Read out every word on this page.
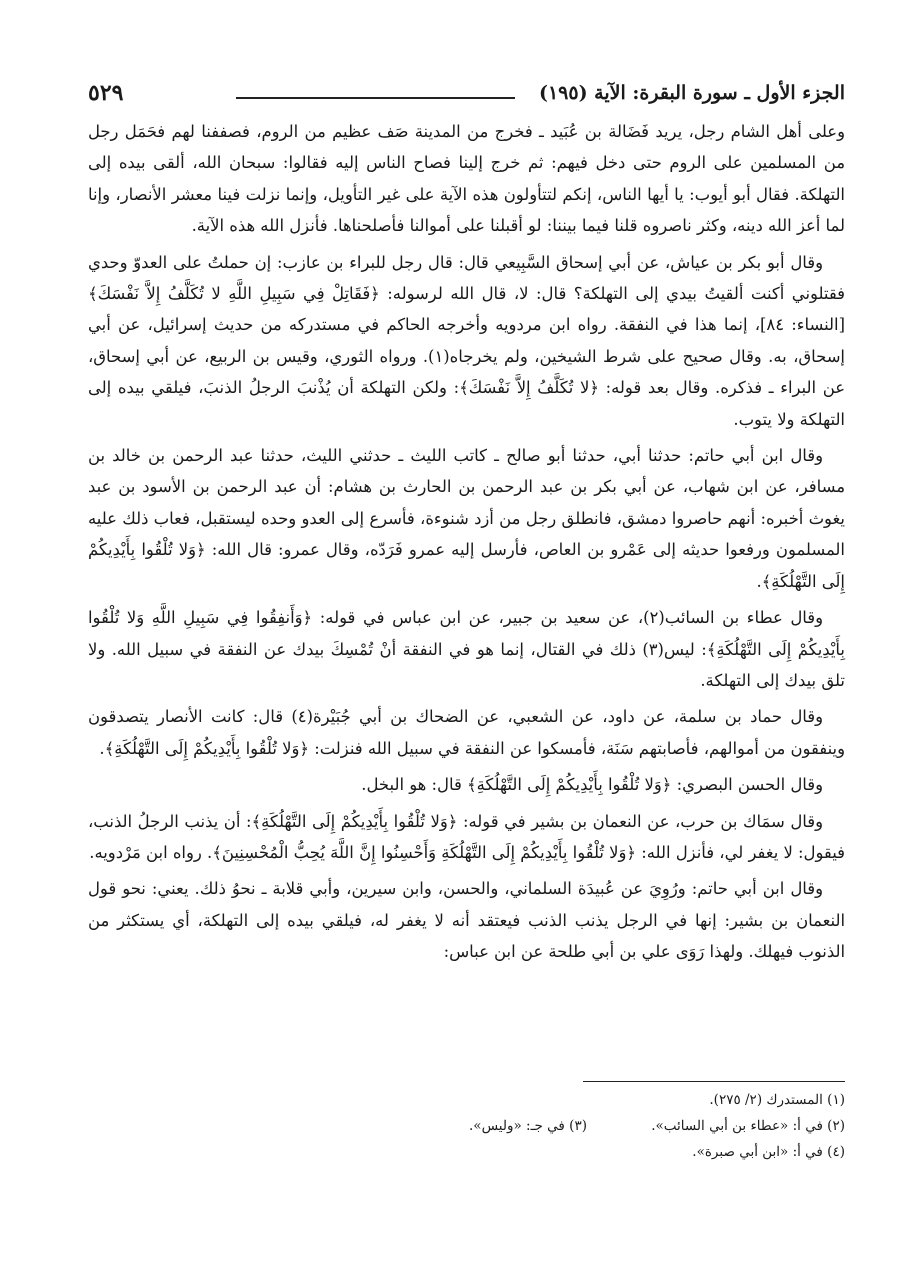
الجزء الأول ـ سورة البقرة: الآية (١٩٥)
٥٢٩

وعلى أهل الشام رجل، يريد فَضَالة بن عُبَيد ـ فخرج من المدينة صَف عظيم من الروم، فصففنا لهم فحَمَل رجل من المسلمين على الروم حتى دخل فيهم: ثم خرج إلينا فصاح الناس إليه فقالوا: سبحان الله، ألقى بيده إلى التهلكة. فقال أبو أيوب: يا أيها الناس، إنكم لتتأولون هذه الآية على غير التأويل، وإنما نزلت فينا معشر الأنصار، وإنا لما أعز الله دينه، وكثر ناصروه قلنا فيما بيننا: لو أقبلنا على أموالنا فأصلحناها. فأنزل الله هذه الآية.

وقال أبو بكر بن عياش، عن أبي إسحاق السَّبِيعي قال: قال رجل للبراء بن عازب: إن حملتُ على العدوّ وحدي فقتلوني أكنت ألقيتُ بيدي إلى التهلكة؟ قال: لا، قال الله لرسوله: ﴿فَقَاتِلْ فِي سَبِيلِ اللَّهِ لا تُكَلَّفُ إِلاَّ نَفْسَكَ﴾ [النساء: ٨٤]، إنما هذا في النفقة. رواه ابن مردويه وأخرجه الحاكم في مستدركه من حديث إسرائيل، عن أبي إسحاق، به. وقال صحيح على شرط الشيخين، ولم يخرجاه(١). ورواه الثوري، وقيس بن الربيع، عن أبي إسحاق، عن البراء ـ فذكره. وقال بعد قوله: ﴿لا تُكَلَّفُ إِلاَّ نَفْسَكَ﴾: ولكن التهلكة أن يُذْنبَ الرجلُ الذنبَ، فيلقي بيده إلى التهلكة ولا يتوب.

وقال ابن أبي حاتم: حدثنا أبي، حدثنا أبو صالح ـ كاتب الليث ـ حدثني الليث، حدثنا عبد الرحمن بن خالد بن مسافر، عن ابن شهاب، عن أبي بكر بن عبد الرحمن بن الحارث بن هشام: أن عبد الرحمن بن الأسود بن عبد يغوث أخبره: أنهم حاصروا دمشق، فانطلق رجل من أزد شنوءة، فأسرع إلى العدو وحده ليستقبل، فعاب ذلك عليه المسلمون ورفعوا حديثه إلى عَمْرو بن العاص، فأرسل إليه عمرو فَرَدّه، وقال عمرو: قال الله: ﴿وَلا تُلْقُوا بِأَيْدِيكُمْ إِلَى التَّهْلُكَةِ﴾.

وقال عطاء بن السائب(٢)، عن سعيد بن جبير، عن ابن عباس في قوله: ﴿وَأَنفِقُوا فِي سَبِيلِ اللَّهِ وَلا تُلْقُوا بِأَيْدِيكُمْ إِلَى التَّهْلُكَةِ﴾: ليس(٣) ذلك في القتال، إنما هو في النفقة أنْ تُمْسِكَ بيدك عن النفقة في سبيل الله. ولا تلق بيدك إلى التهلكة.

وقال حماد بن سلمة، عن داود، عن الشعبي، عن الضحاك بن أبي جُبَيْرة(٤) قال: كانت الأنصار يتصدقون وينفقون من أموالهم، فأصابتهم سَنَة، فأمسكوا عن النفقة في سبيل الله فنزلت: ﴿وَلا تُلْقُوا بِأَيْدِيكُمْ إِلَى التَّهْلُكَةِ﴾.

وقال الحسن البصري: ﴿وَلا تُلْقُوا بِأَيْدِيكُمْ إِلَى التَّهْلُكَةِ﴾ قال: هو البخل.

وقال سمَاك بن حرب، عن النعمان بن بشير في قوله: ﴿وَلا تُلْقُوا بِأَيْدِيكُمْ إِلَى التَّهْلُكَةِ﴾: أن يذنب الرجلُ الذنب، فيقول: لا يغفر لي، فأنزل الله: ﴿وَلا تُلْقُوا بِأَيْدِيكُمْ إِلَى التَّهْلُكَةِ وَأَحْسِنُوا إِنَّ اللَّهَ يُحِبُّ الْمُحْسِنِينَ﴾. رواه ابن مَرْدويه.

وقال ابن أبي حاتم: ورُوِيَ عن عُبيدَة السلماني، والحسن، وابن سيرين، وأبي قلابة ـ نحوُ ذلك. يعني: نحو قول النعمان بن بشير: إنها في الرجل يذنب الذنب فيعتقد أنه لا يغفر له، فيلقي بيده إلى التهلكة، أي يستكثر من الذنوب فيهلك. ولهذا رَوَى علي بن أبي طلحة عن ابن عباس:

(١) المستدرك (٢/ ٢٧٥).
(٢) في أ: «عطاء بن أبي السائب».
(٣) في جـ: «وليس».
(٤) في أ: «ابن أبي صبرة».
